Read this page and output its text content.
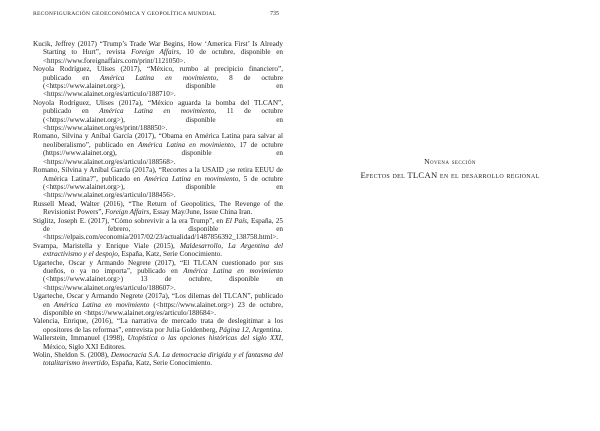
RECONFIGURACIÓN GEOECONÓMICA Y GEOPOLÍTICA MUNDIAL	735
Kucik, Jeffrey (2017) “Trump’s Trade War Begins, How ‘America First’ Is Already Starting to Hurt”, revista Foreign Affairs, 10 de octubre, disponible en <https://www.foreignaffairs.com/print/1121050>.
Noyola Rodríguez, Ulises (2017), “México, rumbo al precipicio financiero”, publicado en América Latina en movimiento, 8 de octubre (<https://www.alainet.org>), disponible en <https://www.alainet.org/es/articulo/188710>.
Noyola Rodríguez, Ulises (2017a), “México aguarda la bomba del TLCAN”, publicado en América Latina en movimiento, 11 de octubre (<https://www.alainet.org>), disponible en <https://www.alainet.org/es/print/188850>.
Romano, Silvina y Aníbal García (2017), “Obama en América Latina para salvar al neoliberalismo”, publicado en América Latina en movimiento, 17 de octubre (https://www.alainet.org), disponible en <https://www.alainet.org/es/articulo/188568>.
Romano, Silvina y Aníbal García (2017a), “Recortes a la USAID ¿se retira EEUU de América Latina?”, publicado en América Latina en movimiento, 5 de octubre (<https://www.alainet.org>), disponible en <https://www.alainet.org/es/articulo/188456>.
Russell Mead, Walter (2016), “The Return of Geopolitics, The Revenge of the Revisionist Powers”, Foreign Affairs, Essay May/June, Issue China Iran.
Stiglitz, Joseph E. (2017), “Cómo sobrevivir a la era Trump”, en El País, España, 25 de febrero, disponible en <https://elpais.com/economia/2017/02/23/actualidad/1487856392_138758.html>.
Svampa, Maristella y Enrique Viale (2015), Maldesarrollo, La Argentina del extractivismo y el despojo, España, Katz, Serie Conocimiento.
Ugarteche, Oscar y Armando Negrete (2017), “El TLCAN cuestionado por sus dueños, o ya no importa”, publicado en América Latina en movimiento (<https://www.alainet.org>) 13 de octubre, disponible en <https://www.alainet.org/es/articulo/188607>.
Ugarteche, Oscar y Armando Negrete (2017a), “Los dilemas del TLCAN”, publicado en América Latina en movimiento (<https://www.alainet.org>) 23 de octubre, disponible en <https://www.alainet.org/es/articulo/188684>.
Valencia, Enrique, (2016), “La narrativa de mercado trata de deslegitimar a los opositores de las reformas”, entrevista por Julia Goldenberg, Página 12, Argentina.
Wallerstein, Immanuel (1998), Utopística o las opciones históricas del siglo XXI, México, Siglo XXI Editores.
Wolin, Sheldon S. (2008), Democracia S.A. La democracia dirigida y el fantasma del totalitarismo invertido, España, Katz, Serie Conocimiento.
Novena sección
Efectos del TLCAN en el desarrollo regional
